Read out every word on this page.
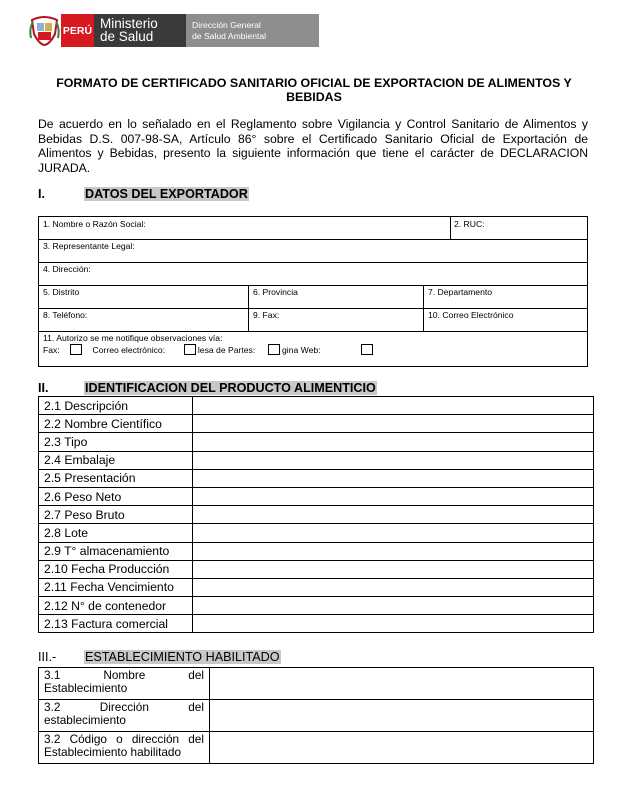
PERÚ Ministerio
de Salud
Dirección General
de Salud Ambiental
FORMATO DE CERTIFICADO SANITARIO OFICIAL DE EXPORTACION DE ALIMENTOS Y BEBIDAS
De acuerdo en lo señalado en el Reglamento sobre Vigilancia y Control Sanitario de Alimentos y Bebidas D.S. 007-98-SA, Artículo 86° sobre el Certificado Sanitario Oficial de Exportación de Alimentos y Bebidas, presento la siguiente información que tiene el carácter de DECLARACION JURADA.
I.	DATOS DEL EXPORTADOR
1. Nombre o Razón Social:	2. RUC:
3. Representante Legal:
4. Dirección:
5. Distrito	6. Provincia	7. Departamento
8. Teléfono:	9. Fax:	10. Correo Electrónico
11. Autorizo se me notifique observaciones vía:
Fax:	Correo electrónico:	lesa de Partes:	gina Web:
II.	IDENTIFICACION DEL PRODUCTO ALIMENTICIO
2.1 Descripción	
2.2 Nombre Científico	
2.3 Tipo	
2.4 Embalaje	
2.5 Presentación	
2.6 Peso Neto	
2.7 Peso Bruto	
2.8 Lote	
2.9 T° almacenamiento	
2.10 Fecha Producción	
2.11 Fecha Vencimiento	
2.12 N° de contenedor	
2.13 Factura comercial	
III.- ESTABLECIMIENTO HABILITADO
3.1 Nombre del
Establecimiento	

3.2 Dirección del
establecimiento	

3.2 Código o dirección del
Establecimiento habilitado	
